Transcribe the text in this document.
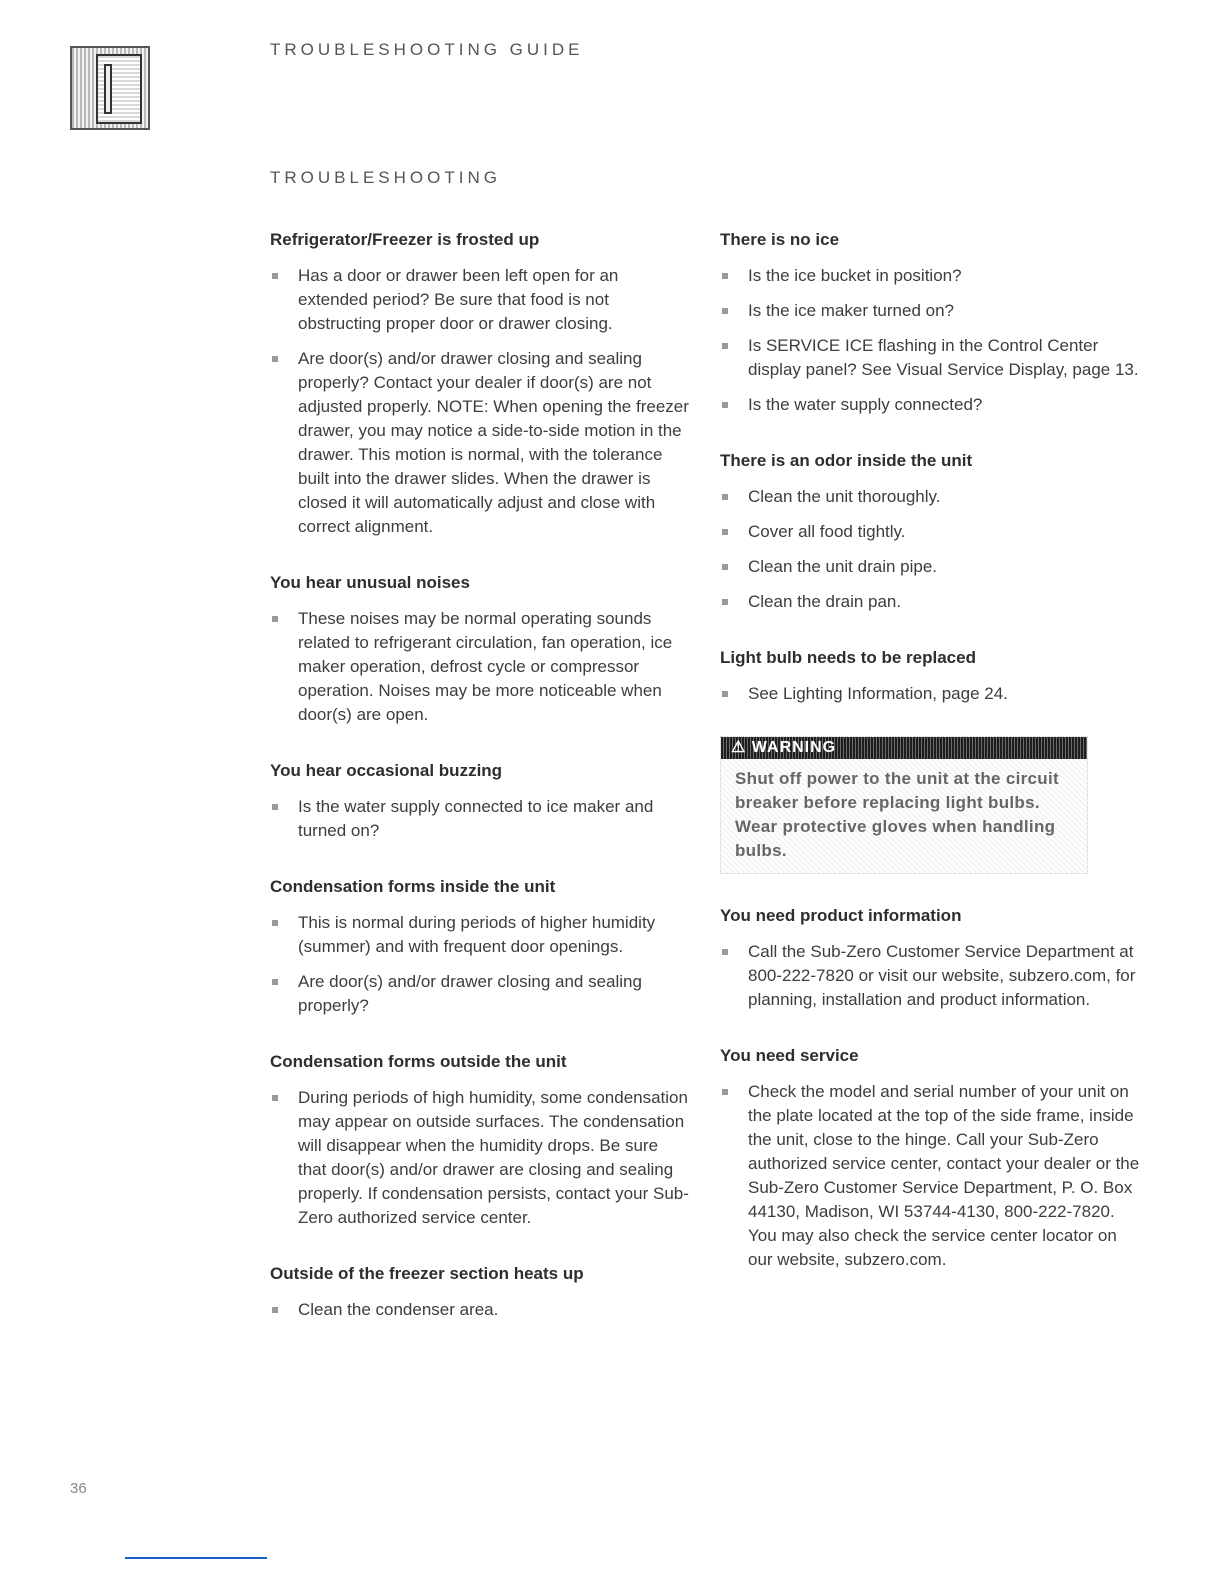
TROUBLESHOOTING GUIDE
TROUBLESHOOTING
Refrigerator/Freezer is frosted up
Has a door or drawer been left open for an extended period? Be sure that food is not obstructing proper door or drawer closing.
Are door(s) and/or drawer closing and sealing properly? Contact your dealer if door(s) are not adjusted properly. NOTE: When opening the freezer drawer, you may notice a side-to-side motion in the drawer. This motion is normal, with the tolerance built into the drawer slides. When the drawer is closed it will automatically adjust and close with correct alignment.
You hear unusual noises
These noises may be normal operating sounds related to refrigerant circulation, fan operation, ice maker operation, defrost cycle or compressor operation. Noises may be more noticeable when door(s) are open.
You hear occasional buzzing
Is the water supply connected to ice maker and turned on?
Condensation forms inside the unit
This is normal during periods of higher humidity (summer) and with frequent door openings.
Are door(s) and/or drawer closing and sealing properly?
Condensation forms outside the unit
During periods of high humidity, some condensation may appear on outside surfaces. The condensation will disappear when the humidity drops. Be sure that door(s) and/or drawer are closing and sealing properly. If condensation persists, contact your Sub-Zero authorized service center.
Outside of the freezer section heats up
Clean the condenser area.
There is no ice
Is the ice bucket in position?
Is the ice maker turned on?
Is SERVICE ICE flashing in the Control Center display panel? See Visual Service Display, page 13.
Is the water supply connected?
There is an odor inside the unit
Clean the unit thoroughly.
Cover all food tightly.
Clean the unit drain pipe.
Clean the drain pan.
Light bulb needs to be replaced
See Lighting Information, page 24.
⚠ WARNING
Shut off power to the unit at the circuit breaker before replacing light bulbs. Wear protective gloves when handling bulbs.
You need product information
Call the Sub-Zero Customer Service Department at 800-222-7820 or visit our website, subzero.com, for planning, installation and product information.
You need service
Check the model and serial number of your unit on the plate located at the top of the side frame, inside the unit, close to the hinge. Call your Sub-Zero authorized service center, contact your dealer or the Sub-Zero Customer Service Department, P. O. Box 44130, Madison, WI 53744-4130, 800-222-7820. You may also check the service center locator on our website, subzero.com.
36
